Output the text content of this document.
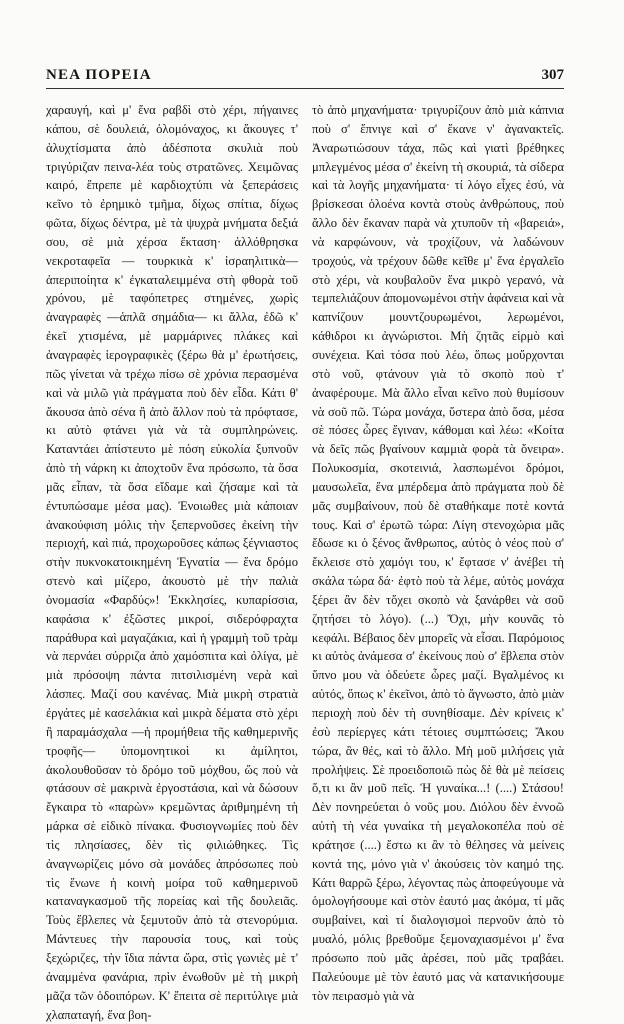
ΝΕΑ ΠΟΡΕΙΑ	307

χαραυγή, καὶ μ' ἕνα ραβδὶ στὸ χέρι, πήγαινες κάπου, σὲ δουλειά, ὁλομόναχος, κι ἄκουγες τ' ἀλυχτίσματα ἀπὸ ἀδέσποτα σκυλιὰ ποὺ τριγύριζαν πεινα-λέα τοὺς στρατῶνες. Χειμῶνας καιρό, ἔπρεπε μὲ καρδιοχτύπι νὰ ξεπεράσεις κεῖνο τὸ ἐρημικὸ τμῆμα, δίχως σπίτια, δίχως φῶτα, δίχως δέντρα, μὲ τὰ ψυχρὰ μνήματα δεξιά σου, σὲ μιὰ χέρσα ἔκταση· ἀλλόθρησκα νεκροταφεῖα — τουρκικὰ κ' ἰσραηλιτικὰ— ἀπεριποίητα κ' ἐγκαταλειμμένα στὴ φθορὰ τοῦ χρόνου, μὲ ταφόπετρες στημένες, χωρὶς ἀναγραφὲς —ἁπλᾶ σημάδια— κι ἄλλα, ἐδῶ κ' ἐκεῖ χτισμένα, μὲ μαρμάρινες πλάκες καὶ ἀναγραφὲς ἱερογραφικὲς (ξέρω θὰ μ' ἐρωτήσεις, πῶς γίνεται νὰ τρέχω πίσω σὲ χρόνια περασμένα καὶ νὰ μιλῶ γιὰ πράγματα ποὺ δὲν εἶδα. Κάτι θ' ἄκουσα ἀπὸ σένα ἢ ἀπὸ ἄλλον ποὺ τὰ πρόφτασε, κι αὐτὸ φτάνει γιὰ νὰ τὰ συμπληρώνεις. Καταντάει ἀπίστευτο μὲ πόση εὐκολία ξυπνοῦν ἀπὸ τὴ νάρκη κι ἀποχτοῦν ἕνα πρόσωπο, τὰ ὅσα μᾶς εἶπαν, τὰ ὅσα εἴδαμε καὶ ζήσαμε καὶ τὰ ἐντυπώσαμε μέσα μας). Ἐνοιωθες μιὰ κάποιαν ἀνακούφιση μόλις τὴν ξεπερνοῦσες ἐκείνη τὴν περιοχή, καὶ πιά, προχωροῦσες κάπως ξέγνιαστος στὴν πυκνοκατοικημένη Ἐγνατία — ἕνα δρόμο στενὸ καὶ μίζερο, ἀκουστὸ μὲ τὴν παλιὰ ὀνομασία «Φαρδύς»! Ἐκκλησίες, κυπαρίσσια, καφάσια κ' ἐξῶστες μικροί, σιδερόφραχτα παράθυρα καὶ μαγαζάκια, καὶ ἡ γραμμὴ τοῦ τρὰμ νὰ περνάει σύρριζα ἀπὸ χαμόσπιτα καὶ ὀλίγα, μὲ μιὰ πρόσοψη πάντα πιτσιλισμένη νερὰ καὶ λάσπες. Μαζί σου κανένας. Μιὰ μικρὴ στρατιὰ ἐργάτες μὲ κασελάκια καὶ μικρὰ δέματα στὸ χέρι ἢ παραμάσχαλα —ἡ προμήθεια τῆς καθημερινῆς τροφῆς— ὑπομονητικοὶ κι ἀμίλητοι, ἀκολουθοῦσαν τὸ δρόμο τοῦ μόχθου, ὥς ποὺ νὰ φτάσουν σὲ μακρινὰ ἐργοστάσια, καὶ νὰ δώσουν ἔγκαιρα τὸ «παρὼν» κρεμῶντας ἀριθμημένη τὴ μάρκα σὲ εἰδικὸ πίνακα. Φυσιογνωμίες ποὺ δὲν τὶς πλησίασες, δὲν τὶς φιλιώθηκες. Τὶς ἀναγνωρίζεις μόνο σὰ μονάδες ἀπρόσωπες ποὺ τὶς ἕνωνε ἡ κοινὴ μοίρα τοῦ καθημερινοῦ καταναγκασμοῦ τῆς πορείας καὶ τῆς δουλειᾶς. Τοὺς ἔβλεπες νὰ ξεμυτοῦν ἀπὸ τὰ στενορύμια. Μάντευες τὴν παρουσία τους, καὶ τοὺς ξεχώριζες, τὴν ἴδια πάντα ὥρα, στὶς γωνιὲς μὲ τ' ἀναμμένα φανάρια, πρὶν ἐνωθοῦν μὲ τὴ μικρὴ μᾶζα τῶν ὁδοιπόρων. Κ' ἔπειτα σὲ περιτύλιγε μιὰ χλαπαταγή, ἕνα βοη-

τὸ ἀπὸ μηχανήματα· τριγυρίζουν ἀπὸ μιὰ κάπνια ποὺ σ' ἔπνιγε καὶ σ' ἔκανε ν' ἀγανακτεῖς. Ἀναρωτιώσουν τάχα, πῶς καὶ γιατὶ βρέθηκες μπλεγμένος μέσα σ' ἐκείνη τὴ σκουριά, τὰ σίδερα καὶ τὰ λογῆς μηχανήματα· τί λόγο εἶχες ἐσύ, νὰ βρίσκεσαι ὁλοένα κοντὰ στοὺς ἀνθρώπους, ποὺ ἄλλο δὲν ἔκαναν παρὰ νὰ χτυποῦν τὴ «βαρειά», νὰ καρφώνουν, νὰ τροχίζουν, νὰ λαδώνουν τροχούς, νὰ τρέχουν δῶθε κεῖθε μ' ἕνα ἐργαλεῖο στὸ χέρι, νὰ κουβαλοῦν ἕνα μικρὸ γερανό, νὰ τεμπελιάζουν ἀπομονωμένοι στὴν ἀφάνεια καὶ νὰ καπνίζουν μουντζουρωμένοι, λερωμένοι, κάθιδροι κι ἀγνώριστοι. Μὴ ζητᾶς εἱρμὸ καὶ συνέχεια. Καὶ τόσα ποὺ λέω, ὅπως μοὔρχονται στὸ νοῦ, φτάνουν γιὰ τὸ σκοπὸ ποὺ τ' ἀναφέρουμε. Μὰ ἄλλο εἶναι κεῖνο ποὺ θυμίσουν νὰ σοῦ πῶ. Τώρα μονάχα, ὕστερα ἀπὸ ὅσα, μέσα σὲ πόσες ὧρες ἔγιναν, κάθομαι καὶ λέω: «Κοίτα νὰ δεῖς πῶς βγαίνουν καμμιὰ φορὰ τὰ ὄνειρα». Πολυκοσμία, σκοτεινιά, λασπωμένοι δρόμοι, μαυσωλεῖα, ἕνα μπέρδεμα ἀπὸ πράγματα ποὺ δὲ μᾶς συμβαίνουν, ποὺ δὲ σταθήκαμε ποτὲ κοντά τους. Καὶ σ' ἐρωτῶ τώρα: Λίγη στενοχώρια μᾶς ἔδωσε κι ὁ ξένος ἄνθρωπος, αὐτὸς ὁ νέος ποὺ σ' ἔκλεισε στὸ χαμόγι του, κ' ἔφτασε ν' ἀνέβει τὴ σκάλα τώρα δά· ἐφτὸ ποὺ τὰ λέμε, αὐτὸς μονάχα ξέρει ἂν δὲν τὄχει σκοπὸ νὰ ξανάρθει νὰ σοῦ ζητήσει τὸ λόγο). (...) Ὄχι, μὴν κουνᾶς τὸ κεφάλι. Βέβαιος δὲν μπορεῖς νὰ εἶσαι. Παρόμοιος κι αὐτὸς ἀνάμεσα σ' ἐκείνους ποὺ σ' ἔβλεπα στὸν ὕπνο μου νὰ ὁδεύετε ὧρες μαζί. Βγαλμένος κι αὐτός, ὅπως κ' ἐκεῖνοι, ἀπὸ τὸ ἄγνωστο, ἀπὸ μιὰν περιοχὴ ποὺ δὲν τὴ συνηθίσαμε. Δὲν κρίνεις κ' ἐσὺ περίεργες κάτι τέτοιες συμπτώσεις; Ἄκου τώρα, ἂν θές, καὶ τὸ ἄλλο. Μὴ μοῦ μιλήσεις γιὰ προλήψεις. Σὲ προειδοποιῶ πὼς δὲ θὰ μὲ πείσεις ὅ,τι κι ἂν μοῦ πεῖς. Ἡ γυναίκα...! (....) Στάσου! Δὲν πονηρεύεται ὁ νοῦς μου. Διόλου δὲν ἐννοῶ αὐτὴ τὴ νέα γυναίκα τὴ μεγαλοκοπέλα ποὺ σὲ κράτησε (....) ἔστω κι ἂν τὸ θέλησες νὰ μείνεις κοντά της, μόνο γιὰ ν' ἀκούσεις τὸν καημό της. Κάτι θαρρῶ ξέρω, λέγοντας πὼς ἀποφεύγουμε νὰ ὁμολογήσουμε καὶ στὸν ἑαυτό μας ἀκόμα, τί μᾶς συμβαίνει, καὶ τί διαλογισμοὶ περνοῦν ἀπὸ τὸ μυαλό, μόλις βρεθοῦμε ξεμοναχιασμένοι μ' ἕνα πρόσωπο ποὺ μᾶς ἀρέσει, ποὺ μᾶς τραβάει. Παλεύουμε μὲ τὸν ἑαυτό μας νὰ κατανικήσουμε τὸν πειρασμὸ γιὰ νὰ
